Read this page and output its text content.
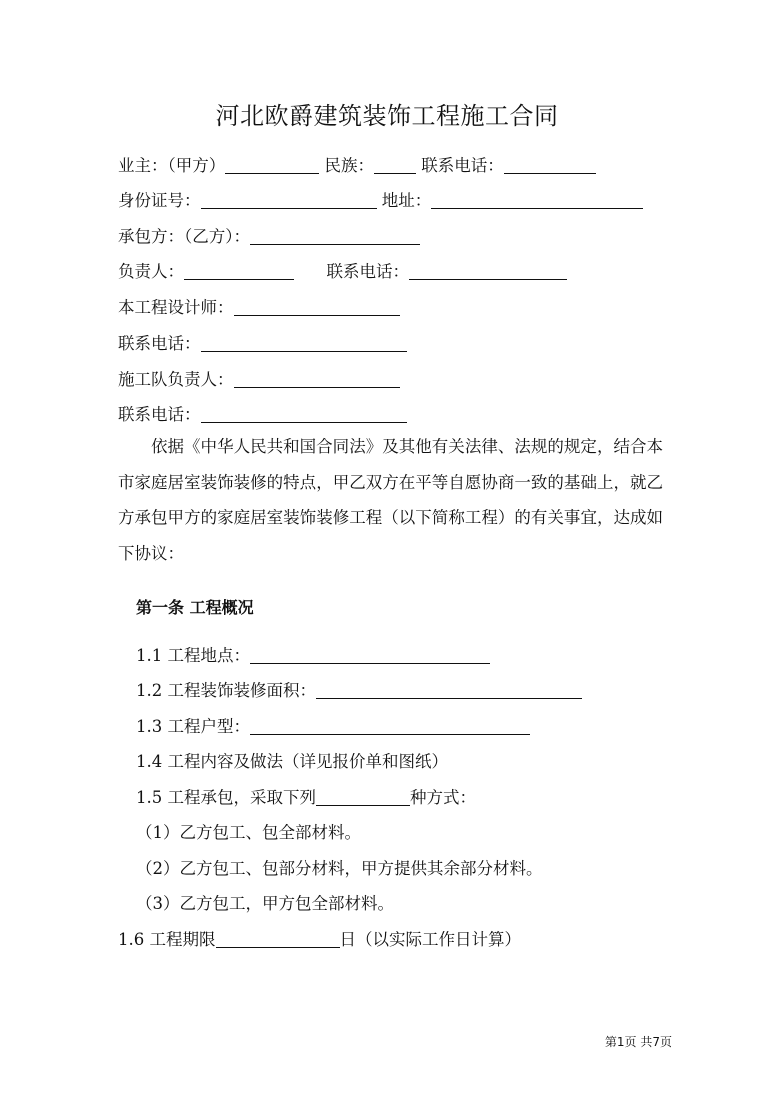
河北欧爵建筑装饰工程施工合同
业主：（甲方）	民族：	联系电话：
身份证号：	地址：
承包方：（乙方）：
负责人：	联系电话：
本工程设计师：
联系电话：
施工队负责人：
联系电话：
依据《中华人民共和国合同法》及其他有关法律、法规的规定，结合本市家庭居室装饰装修的特点，甲乙双方在平等自愿协商一致的基础上，就乙方承包甲方的家庭居室装饰装修工程（以下简称工程）的有关事宜，达成如下协议：
第一条 工程概况
1.1 工程地点：
1.2 工程装饰装修面积：
1.3 工程户型：
1.4 工程内容及做法（详见报价单和图纸）
1.5 工程承包，采取下列	种方式：
（1）乙方包工、包全部材料。
（2）乙方包工、包部分材料，甲方提供其余部分材料。
（3）乙方包工，甲方包全部材料。
1.6 工程期限	日（以实际工作日计算）
第1页 共7页
